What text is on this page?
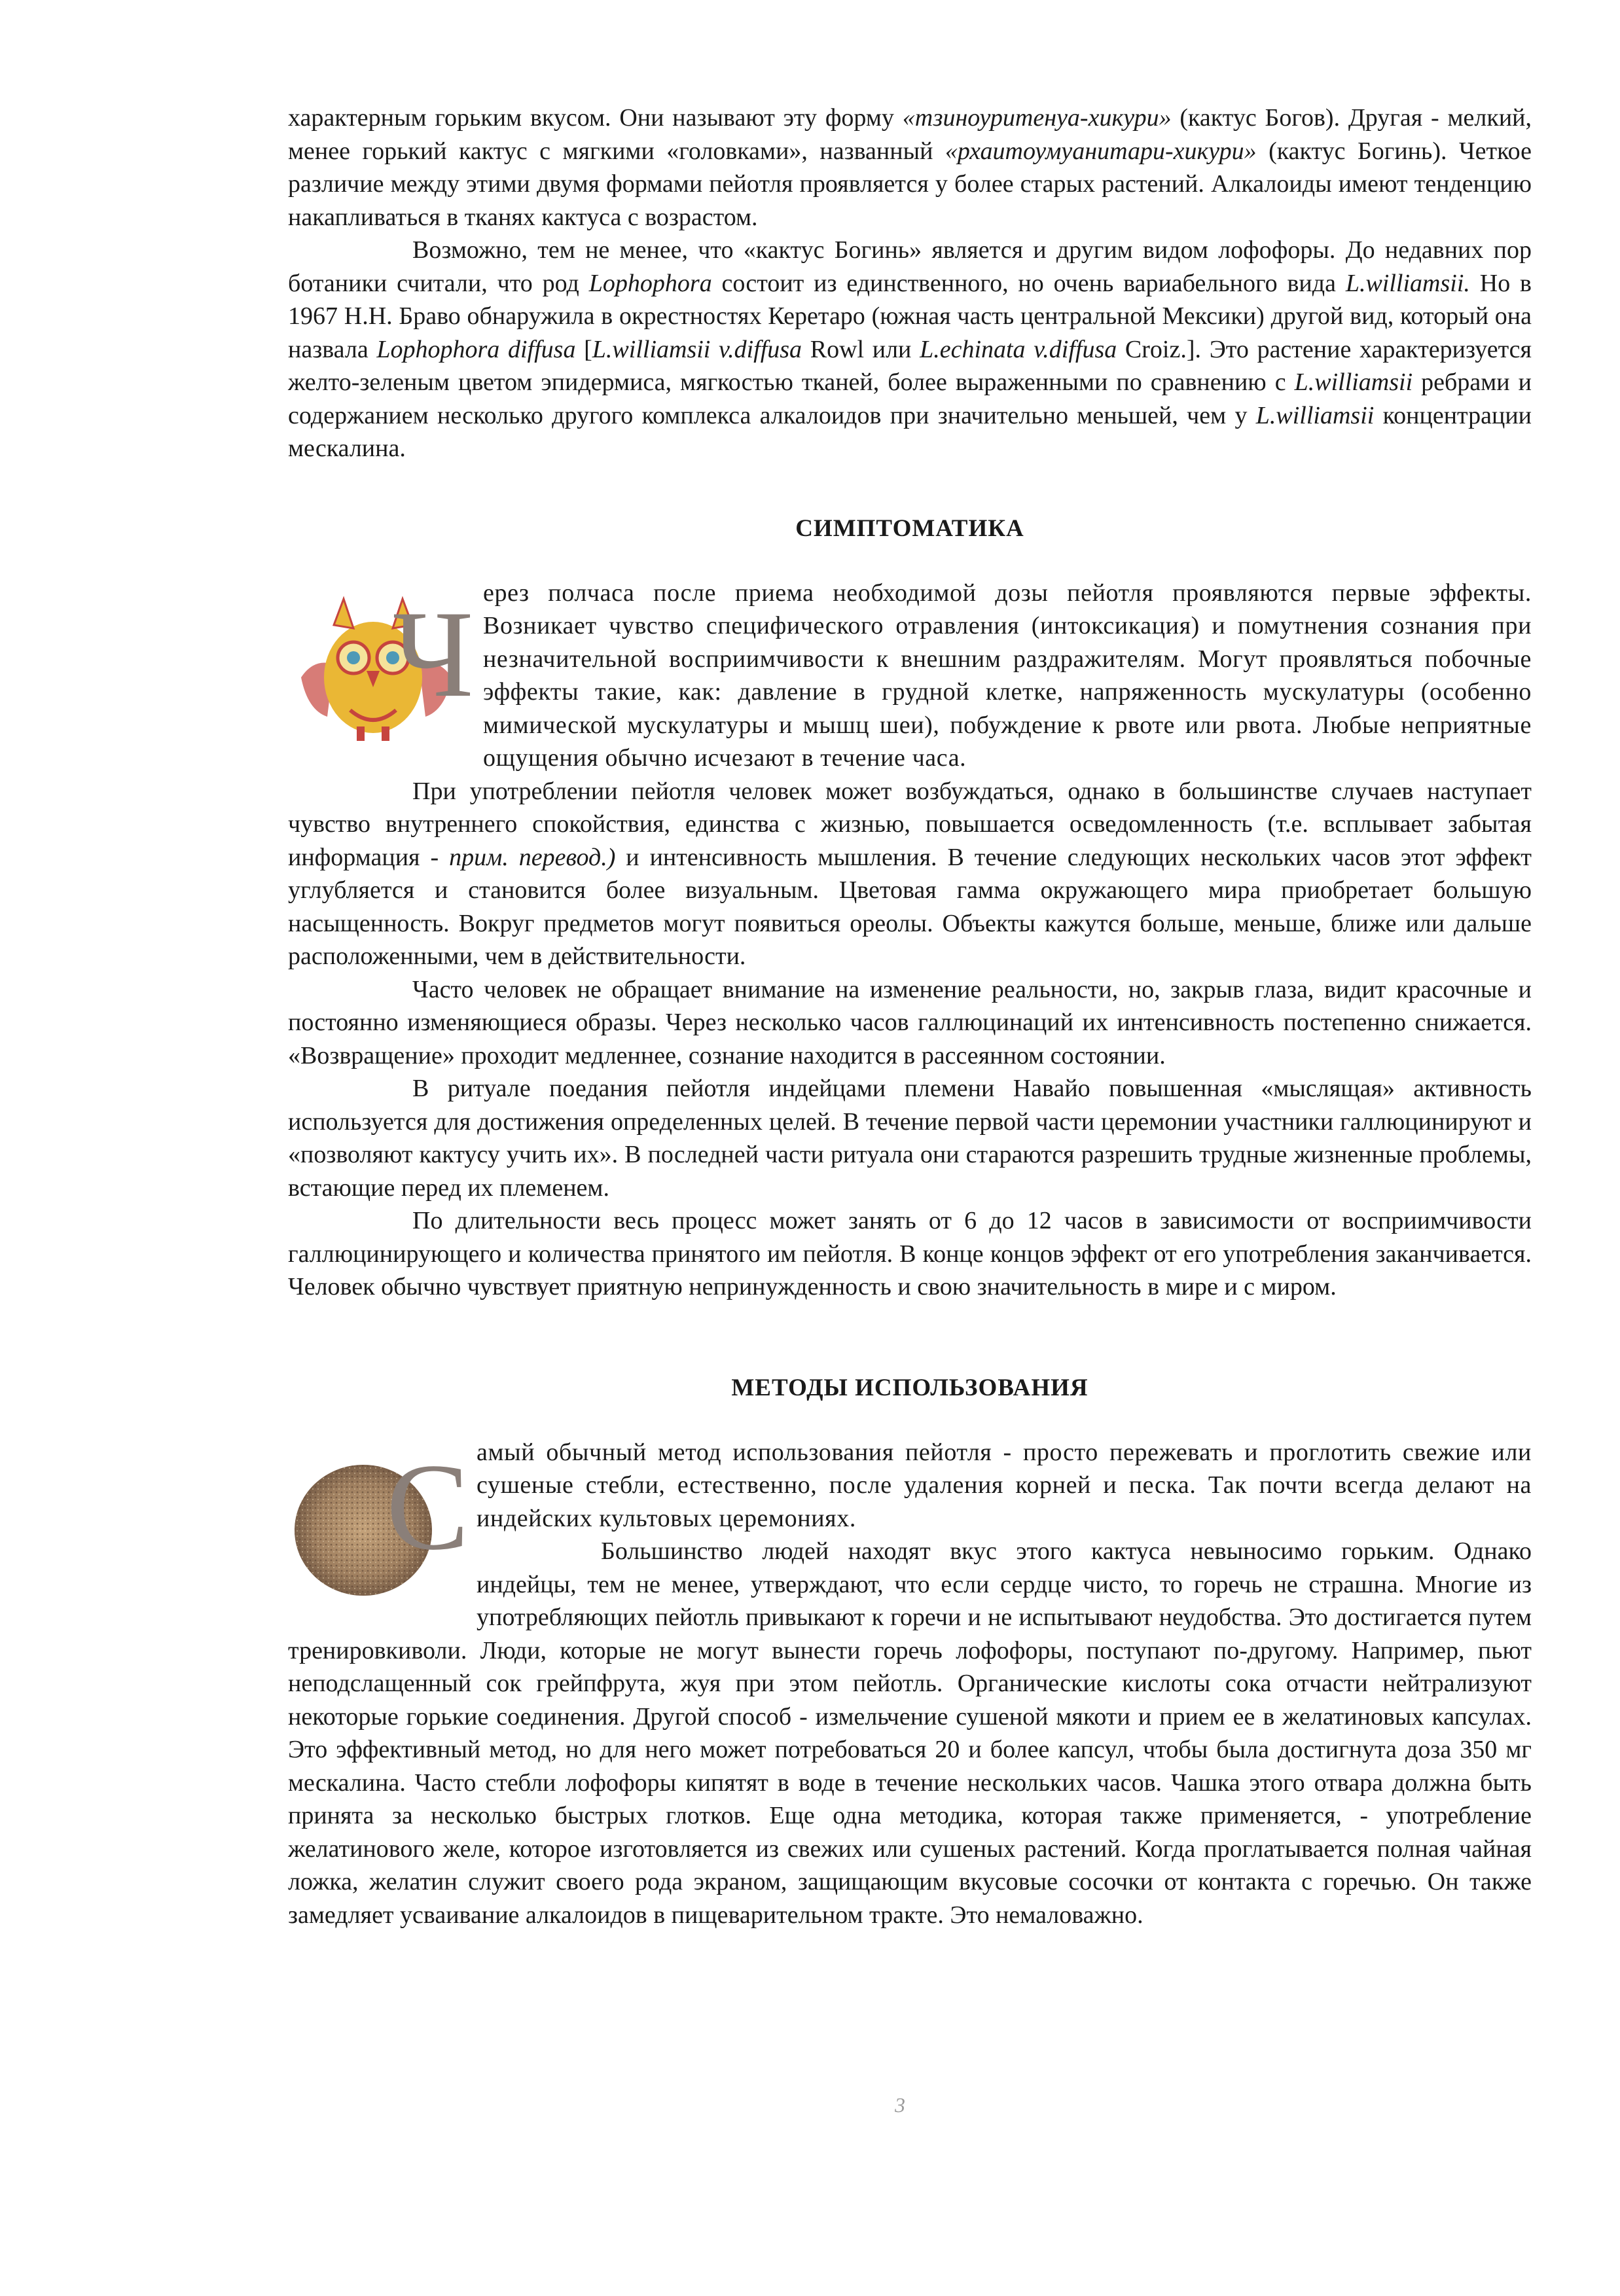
характерным горьким вкусом. Они называют эту форму «тзиноуритенуа-хикури» (кактус Богов). Другая - мелкий, менее горький кактус с мягкими «головками», названный «рхаитоумуанитари-хикури» (кактус Богинь). Четкое различие между этими двумя формами пейотля проявляется у более старых растений. Алкалоиды имеют тенденцию накапливаться в тканях кактуса с возрастом.

Возможно, тем не менее, что «кактус Богинь» является и другим видом лофофоры. До недавних пор ботаники считали, что род Lophophora состоит из единственного, но очень вариабельного вида L.williamsii. Но в 1967 Н.Н. Браво обнаружила в окрестностях Керетаро (южная часть центральной Мексики) другой вид, который она назвала Lophophora diffusa [L.williamsii v.diffusa Rowl или L.echinata v.diffusa Croiz.]. Это растение характеризуется желто-зеленым цветом эпидермиса, мягкостью тканей, более выраженными по сравнению с L.williamsii ребрами и содержанием несколько другого комплекса алкалоидов при значительно меньшей, чем у L.williamsii концентрации мескалина.

СИМПТОМАТИКА
Ч ерез полчаса после приема необходимой дозы пейотля проявляются первые эффекты. Возникает чувство специфического отравления (интоксикация) и помутнения сознания при незначительной восприимчивости к внешним раздражителям. Могут проявляться побочные эффекты такие, как: давление в грудной клетке, напряженность мускулатуры (особенно мимической мускулатуры и мышц шеи), побуждение к рвоте или рвота. Любые неприятные ощущения обычно исчезают в течение часа.

При употреблении пейотля человек может возбуждаться, однако в большинстве случаев наступает чувство внутреннего спокойствия, единства с жизнью, повышается осведомленность (т.е. всплывает забытая информация - прим. перевод.) и интенсивность мышления. В течение следующих нескольких часов этот эффект углубляется и становится более визуальным. Цветовая гамма окружающего мира приобретает большую насыщенность. Вокруг предметов могут появиться ореолы. Объекты кажутся больше, меньше, ближе или дальше расположенными, чем в действительности.

Часто человек не обращает внимание на изменение реальности, но, закрыв глаза, видит красочные и постоянно изменяющиеся образы. Через несколько часов галлюцинаций их интенсивность постепенно снижается. «Возвращение» проходит медленнее, сознание находится в рассеянном состоянии.

В ритуале поедания пейотля индейцами племени Навайо повышенная «мыслящая» активность используется для достижения определенных целей. В течение первой части церемонии участники галлюцинируют и «позволяют кактусу учить их». В последней части ритуала они стараются разрешить трудные жизненные проблемы, встающие перед их племенем.

По длительности весь процесс может занять от 6 до 12 часов в зависимости от восприимчивости галлюцинирующего и количества принятого им пейотля. В конце концов эффект от его употребления заканчивается. Человек обычно чувствует приятную непринужденность и свою значительность в мире и с миром.

МЕТОДЫ ИСПОЛЬЗОВАНИЯ
С амый обычный метод использования пейотля - просто пережевать и проглотить свежие или сушеные стебли, естественно, после удаления корней и песка. Так почти всегда делают на индейских культовых церемониях.

Большинство людей находят вкус этого кактуса невыносимо горьким. Однако индейцы, тем не менее, утверждают, что если сердце чисто, то горечь не страшна. Многие из употребляющих пейотль привыкают к горечи и не испытывают неудобства. Это достигается путем тренировкиволи. Люди, которые не могут вынести горечь лофофоры, поступают по-другому. Например, пьют неподслащенный сок грейпфрута, жуя при этом пейотль. Органические кислоты сока отчасти нейтрализуют некоторые горькие соединения. Другой способ - измельчение сушеной мякоти и прием ее в желатиновых капсулах. Это эффективный метод, но для него может потребоваться 20 и более капсул, чтобы была достигнута доза 350 мг мескалина. Часто стебли лофофоры кипятят в воде в течение нескольких часов. Чашка этого отвара должна быть принята за несколько быстрых глотков. Еще одна методика, которая также применяется, - употребление желатинового желе, которое изготовляется из свежих или сушеных растений. Когда проглатывается полная чайная ложка, желатин служит своего рода экраном, защищающим вкусовые сосочки от контакта с горечью. Он также замедляет усваивание алкалоидов в пищеварительном тракте. Это немаловажно.

3
